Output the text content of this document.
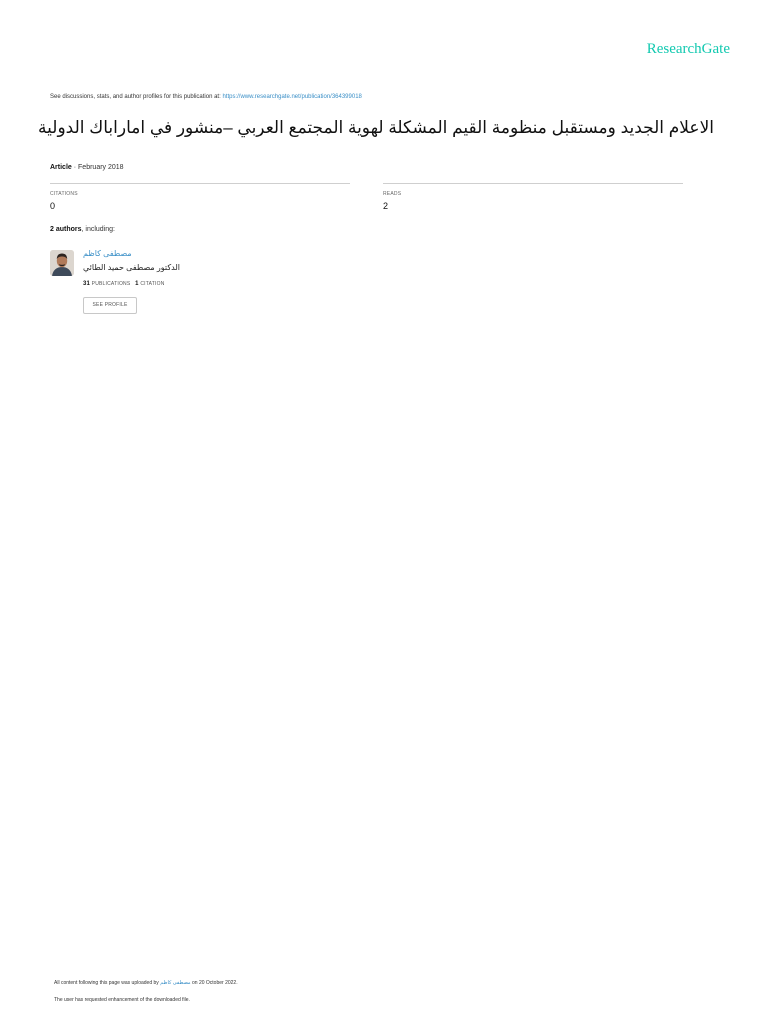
ResearchGate
See discussions, stats, and author profiles for this publication at: https://www.researchgate.net/publication/364399018
الاعلام الجديد ومستقبل منظومة القيم المشكلة لهوية المجتمع العربي –منشور في اماراباك الدولية
Article · February 2018
CITATIONS
0
READS
2
2 authors, including:
مصطفى كاظم
الدكتور مصطفى حميد الطائي
31 PUBLICATIONS 1 CITATION
SEE PROFILE
All content following this page was uploaded by مصطفى كاظم on 20 October 2022.
The user has requested enhancement of the downloaded file.
